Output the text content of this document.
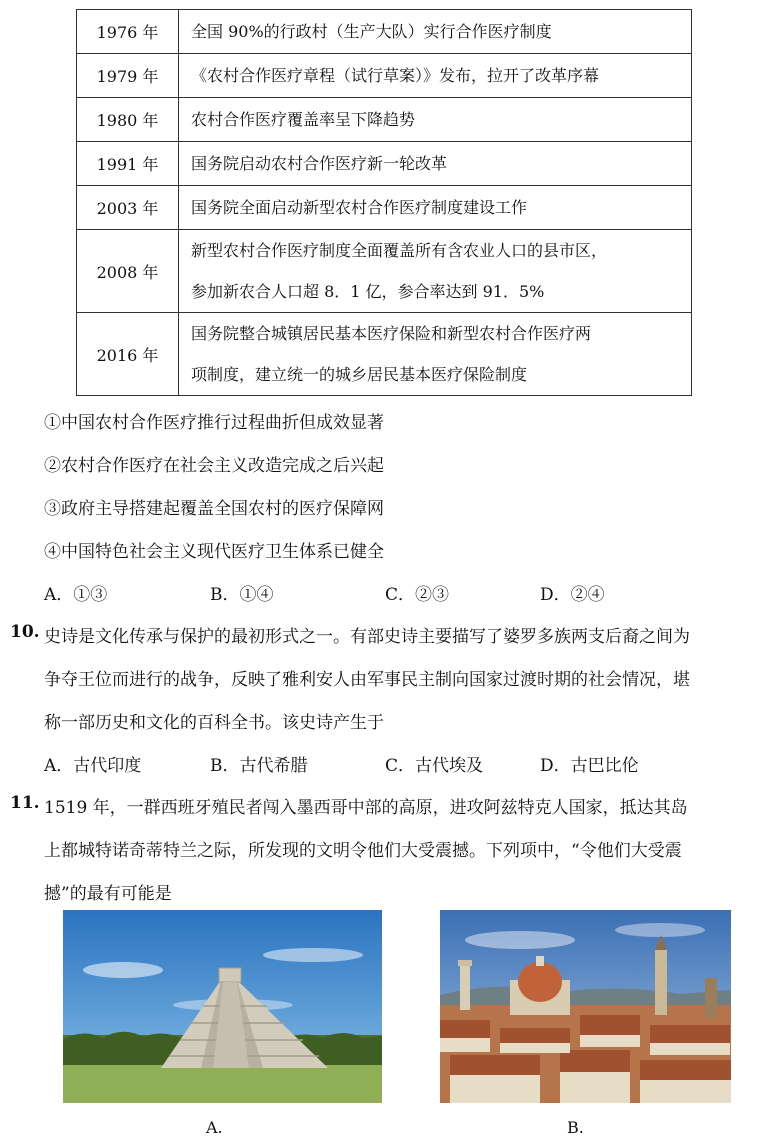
1976 年	全国 90%的行政村（生产大队）实行合作医疗制度

1979 年	《农村合作医疗章程（试行草案）》发布，拉开了改革序幕

1980 年	农村合作医疗覆盖率呈下降趋势

1991 年	国务院启动农村合作医疗新一轮改革

2003 年	国务院全面启动新型农村合作医疗制度建设工作

2008 年	新型农村合作医疗制度全面覆盖所有含农业人口的县市区，
参加新农合人口超 8．1 亿，参合率达到 91．5%

2016 年	国务院整合城镇居民基本医疗保险和新型农村合作医疗两
项制度，建立统一的城乡居民基本医疗保险制度
①中国农村合作医疗推行过程曲折但成效显著
②农村合作医疗在社会主义改造完成之后兴起
③政府主导搭建起覆盖全国农村的医疗保障网
④中国特色社会主义现代医疗卫生体系已健全
A．①③	B．①④	C．②③	D．②④
10. 史诗是文化传承与保护的最初形式之一。有部史诗主要描写了婆罗多族两支后裔之间为
争夺王位而进行的战争，反映了雅利安人由军事民主制向国家过渡时期的社会情况，堪
称一部历史和文化的百科全书。该史诗产生于
A．古代印度	B．古代希腊	C．古代埃及	D．古巴比伦
11. 1519 年，一群西班牙殖民者闯入墨西哥中部的高原，进攻阿兹特克人国家，抵达其岛
上都城特诺奇蒂特兰之际，所发现的文明令他们大受震撼。下列项中，“令他们大受震
撼”的最有可能是
A.	B.
